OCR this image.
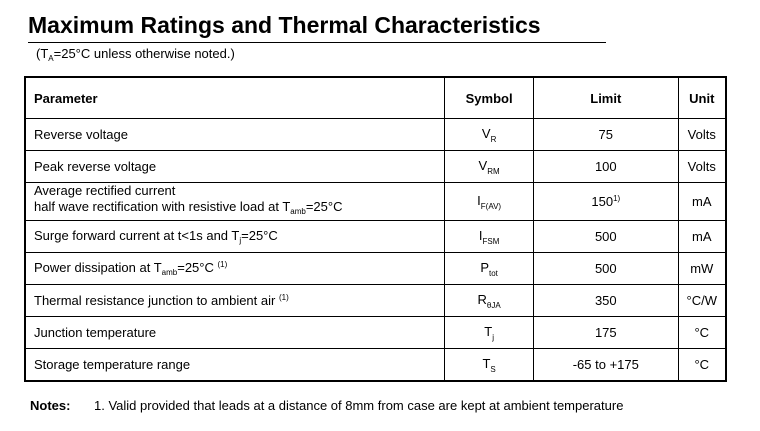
Maximum Ratings and Thermal Characteristics
($T_A=25^\circ C$ unless otherwise noted.)
Parameter	Symbol	Limit	Unit
Reverse voltage	$V_R$	75	Volts
Peak reverse voltage	$V_{RM}$	100	Volts
Average rectified current
half wave rectification with resistive load at $T_{amb}=25^\circ C$	$I_{F(AV)}$	150$^{1)}$	mA
Surge forward current at t<1s and $T_j=25^\circ C$	$I_{FSM}$	500	mA
Power dissipation at $T_{amb}=25^\circ C$ $^{(1)}$	$P_{tot}$	500	mW
Thermal resistance junction to ambient air $^{(1)}$	$R_{\theta JA}$	350	°C/W
Junction temperature	$T_j$	175	°C
Storage temperature range	$T_S$	-65 to +175	°C
Notes: 1. Valid provided that leads at a distance of 8mm from case are kept at ambient temperature
